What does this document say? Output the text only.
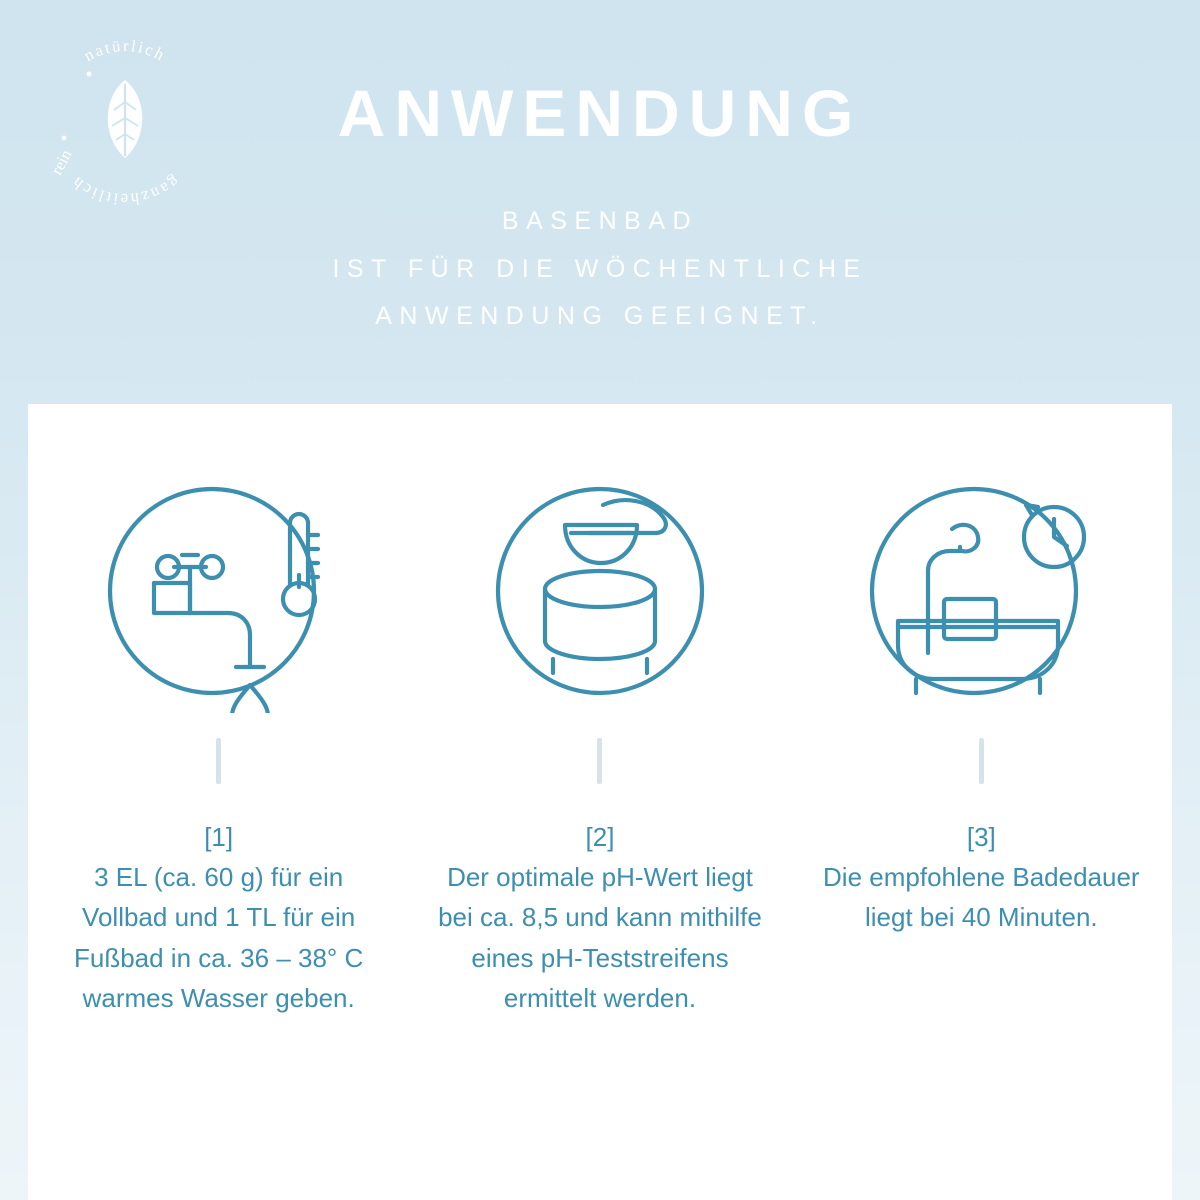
natürlich
ganzheitlich
rein
ANWENDUNG
BASENBAD
IST FÜR DIE WÖCHENTLICHE
ANWENDUNG GEEIGNET.
[1]
3 EL (ca. 60 g) für ein Vollbad und 1 TL für ein Fußbad in ca. 36 – 38° C warmes Wasser geben.
[2]
Der optimale pH-Wert liegt bei ca. 8,5 und kann mithilfe eines pH-Teststreifens ermittelt werden.
[3]
Die empfohlene Badedauer liegt bei 40 Minuten.
